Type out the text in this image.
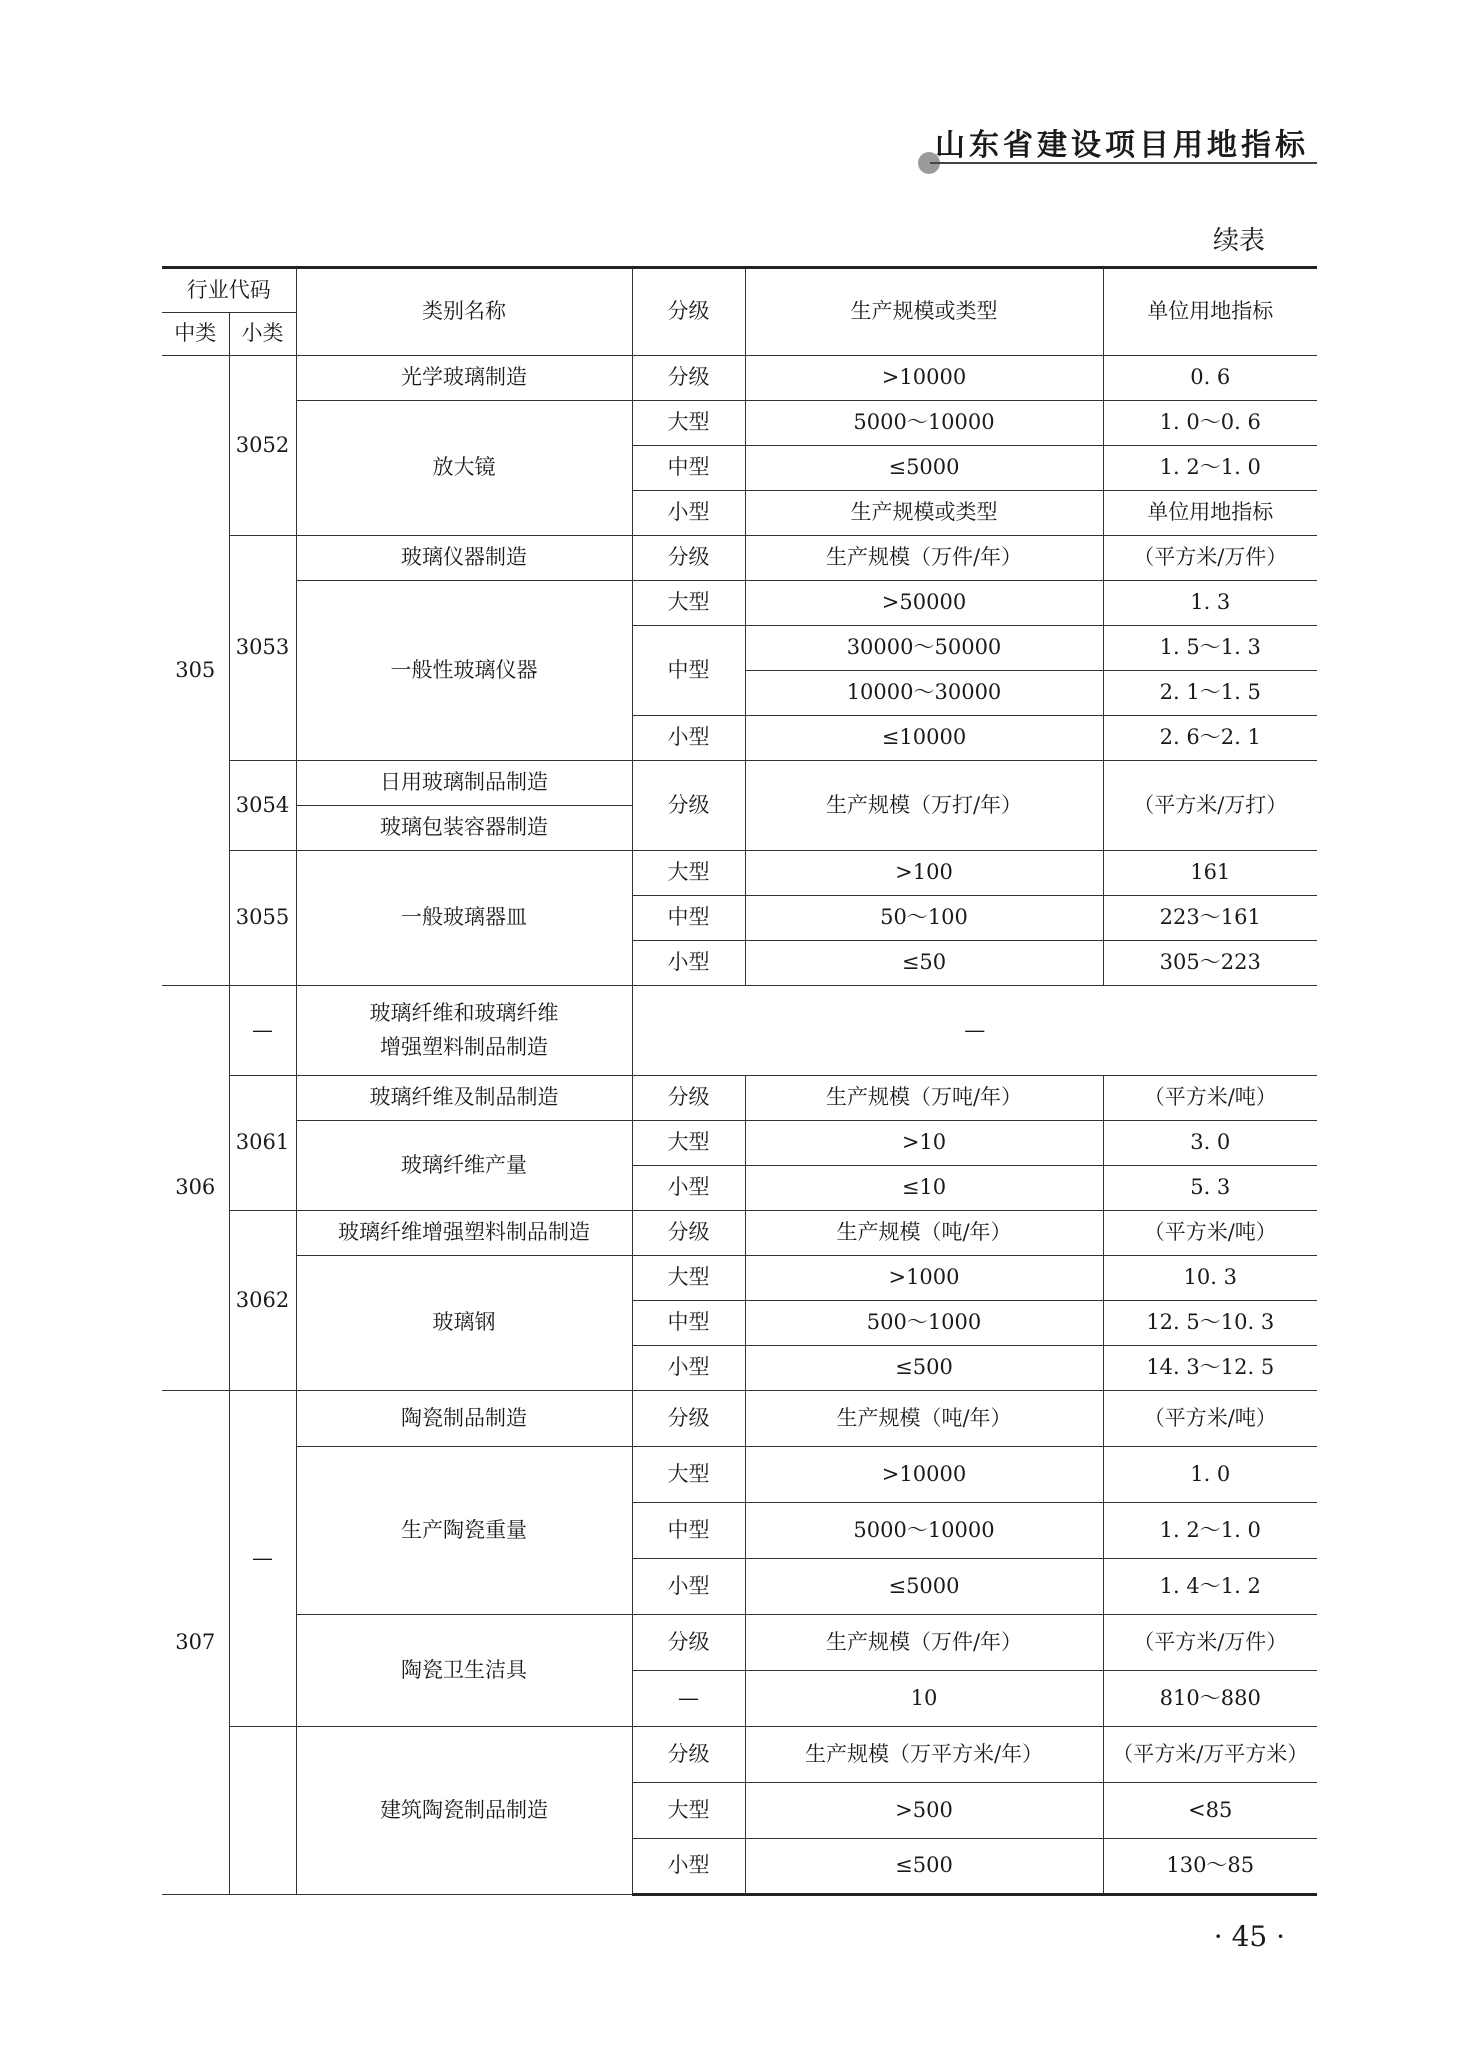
山东省建设项目用地指标
续表
行业代码		类别名称	分级	生产规模或类型	单位用地指标
中类	小类				
305	3052	光学玻璃制造	分级	>10000	0. 6
		放大镜	大型	5000～10000	1. 0～0. 6
			中型	≤5000	1. 2～1. 0
			小型	生产规模或类型	单位用地指标
	3053	玻璃仪器制造	分级	生产规模（万件/年）	（平方米/万件）
		一般性玻璃仪器	大型	>50000	1. 3
			中型	30000～50000	1. 5～1. 3
				10000～30000	2. 1～1. 5
			小型	≤10000	2. 6～2. 1
	3054	日用玻璃制品制造	分级	生产规模（万打/年）	（平方米/万打）
		玻璃包装容器制造			
	3055	一般玻璃器皿	大型	>100	161
			中型	50～100	223～161
			小型	≤50	305～223
306	—	玻璃纤维和玻璃纤维
增强塑料制品制造	—		
	3061	玻璃纤维及制品制造	分级	生产规模（万吨/年）	（平方米/吨）
		玻璃纤维产量	大型	>10	3. 0
			小型	≤10	5. 3
	3062	玻璃纤维增强塑料制品制造	分级	生产规模（吨/年）	（平方米/吨）
		玻璃钢	大型	>1000	10. 3
			中型	500～1000	12. 5～10. 3
			小型	≤500	14. 3～12. 5
307	—	陶瓷制品制造	分级	生产规模（吨/年）	（平方米/吨）
		生产陶瓷重量	大型	>10000	1. 0
			中型	5000～10000	1. 2～1. 0
			小型	≤5000	1. 4～1. 2
		陶瓷卫生洁具	分级	生产规模（万件/年）	（平方米/万件）
			—	10	810～880
		建筑陶瓷制品制造	分级	生产规模（万平方米/年）	（平方米/万平方米）
			大型	>500	<85
			小型	≤500	130～85
· 45 ·
